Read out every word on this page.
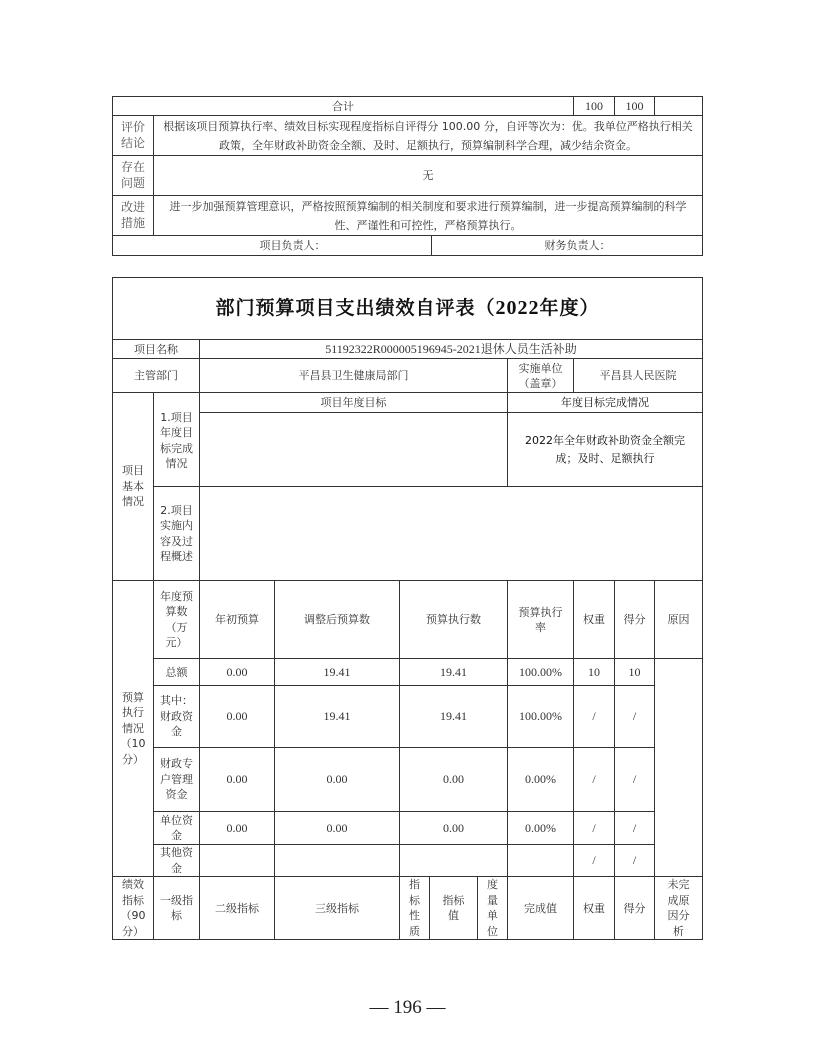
合计		100	100	
评价结论	根据该项目预算执行率、绩效目标实现程度指标自评得分 100.00 分，自评等次为：优。我单位严格执行相关政策，全年财政补助资金全额、及时、足额执行，预算编制科学合理，减少结余资金。			
存在问题	无			
改进措施	进一步加强预算管理意识，严格按照预算编制的相关制度和要求进行预算编制，进一步提高预算编制的科学性、严谨性和可控性，严格预算执行。			

项目负责人：		财务负责人：		
部门预算项目支出绩效自评表（2022年度）										
项目名称		51192322R000005196945-2021退休人员生活补助								
主管部门		平昌县卫生健康局部门					实施单位（盖章）	平昌县人民医院		
项目基本情况	1.项目年度目标完成情况	项目年度目标					年度目标完成情况			
							2022年全年财政补助资金全额完成；及时、足额执行			
	2.项目实施内容及过程概述									
预算执行情况（10分）	年度预算数（万元）	年初预算	调整后预算数	预算执行数			预算执行率	权重	得分	原因
	总额	0.00	19.41	19.41			100.00%	10	10	
	其中：财政资金	0.00	19.41	19.41			100.00%	/	/	
	财政专户管理资金	0.00	0.00	0.00			0.00%	/	/	
	单位资金	0.00	0.00	0.00			0.00%	/	/	
	其他资金							/	/	
绩效指标（90分）	一级指标	二级指标	三级指标	指标性质	指标值	度量单位	完成值	权重	得分	未完成原因分析
— 196 —
